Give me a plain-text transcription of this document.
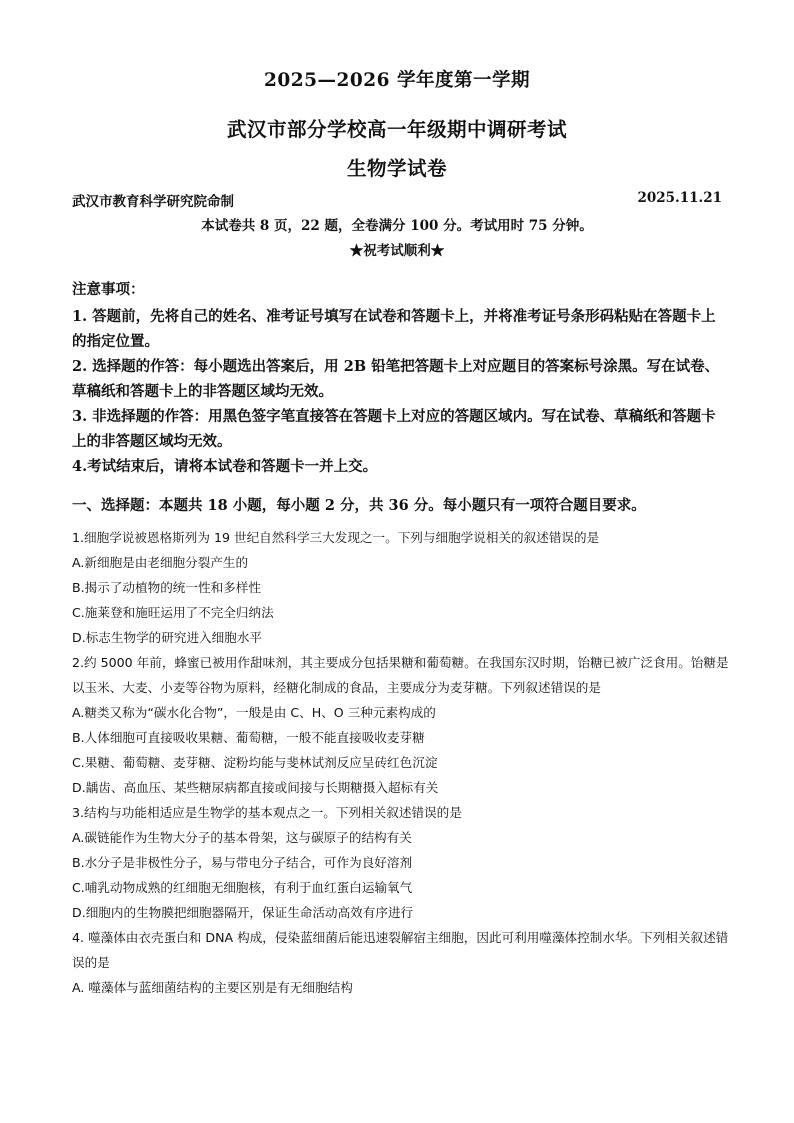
2025—2026 学年度第一学期
武汉市部分学校高一年级期中调研考试
生物学试卷
武汉市教育科学研究院命制	2025.11.21
本试卷共 8 页，22 题，全卷满分 100 分。考试用时 75 分钟。
★祝考试顺利★
注意事项：

1. 答题前，先将自己的姓名、准考证号填写在试卷和答题卡上，并将准考证号条形码粘贴在答题卡上的指定位置。

2. 选择题的作答：每小题选出答案后，用 2B 铅笔把答题卡上对应题目的答案标号涂黑。写在试卷、草稿纸和答题卡上的非答题区域均无效。

3. 非选择题的作答：用黑色签字笔直接答在答题卡上对应的答题区域内。写在试卷、草稿纸和答题卡上的非答题区域均无效。

4.考试结束后，请将本试卷和答题卡一并上交。

一、选择题：本题共 18 小题，每小题 2 分，共 36 分。每小题只有一项符合题目要求。

1.细胞学说被恩格斯列为 19 世纪自然科学三大发现之一。下列与细胞学说相关的叙述错误的是

A.新细胞是由老细胞分裂产生的

B.揭示了动植物的统一性和多样性

C.施莱登和施旺运用了不完全归纳法

D.标志生物学的研究进入细胞水平

2.约 5000 年前，蜂蜜已被用作甜味剂，其主要成分包括果糖和葡萄糖。在我国东汉时期，饴糖已被广泛食用。饴糖是以玉米、大麦、小麦等谷物为原料，经糖化制成的食品，主要成分为麦芽糖。下列叙述错误的是

A.糖类又称为“碳水化合物”，一般是由 C、H、O 三种元素构成的

B.人体细胞可直接吸收果糖、葡萄糖，一般不能直接吸收麦芽糖

C.果糖、葡萄糖、麦芽糖、淀粉均能与斐林试剂反应呈砖红色沉淀

D.龋齿、高血压、某些糖尿病都直接或间接与长期糖摄入超标有关

3.结构与功能相适应是生物学的基本观点之一。下列相关叙述错误的是

A.碳链能作为生物大分子的基本骨架，这与碳原子的结构有关

B.水分子是非极性分子，易与带电分子结合，可作为良好溶剂

C.哺乳动物成熟的红细胞无细胞核，有利于血红蛋白运输氧气

D.细胞内的生物膜把细胞器隔开，保证生命活动高效有序进行

4. 噬藻体由衣壳蛋白和 DNA 构成，侵染蓝细菌后能迅速裂解宿主细胞，因此可利用噬藻体控制水华。下列相关叙述错误的是

A. 噬藻体与蓝细菌结构的主要区别是有无细胞结构
